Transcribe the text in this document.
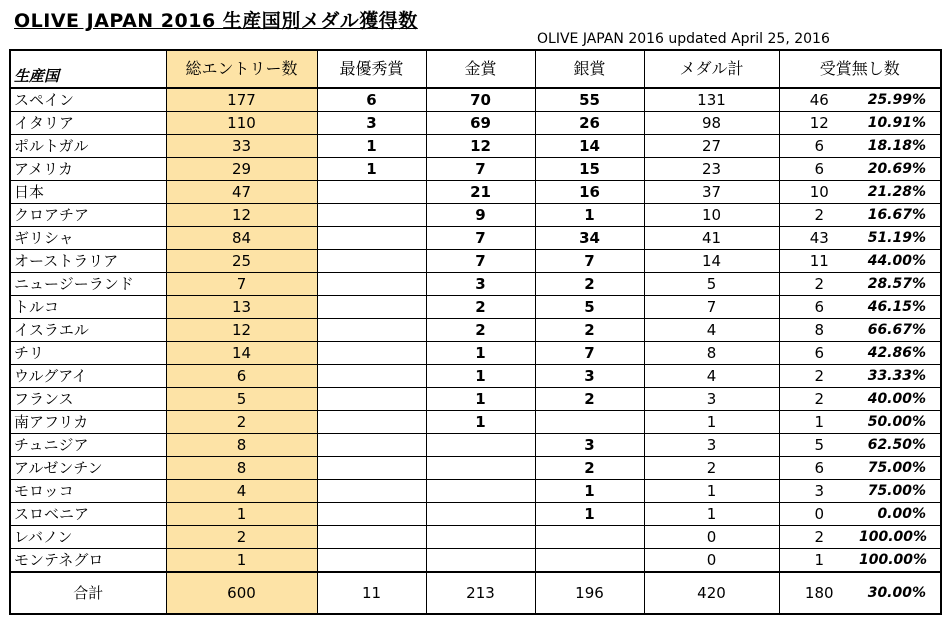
OLIVE JAPAN 2016 生産国別メダル獲得数
OLIVE JAPAN 2016 updated April 25, 2016
生産国	総エントリー数	最優秀賞	金賞	銀賞	メダル計	受賞無し数	
スペイン	177	6	70	55	131	46	25.99%
イタリア	110	3	69	26	98	12	10.91%
ポルトガル	33	1	12	14	27	6	18.18%
アメリカ	29	1	7	15	23	6	20.69%
日本	47		21	16	37	10	21.28%
クロアチア	12		9	1	10	2	16.67%
ギリシャ	84		7	34	41	43	51.19%
オーストラリア	25		7	7	14	11	44.00%
ニュージーランド	7		3	2	5	2	28.57%
トルコ	13		2	5	7	6	46.15%
イスラエル	12		2	2	4	8	66.67%
チリ	14		1	7	8	6	42.86%
ウルグアイ	6		1	3	4	2	33.33%
フランス	5		1	2	3	2	40.00%
南アフリカ	2		1		1	1	50.00%
チュニジア	8			3	3	5	62.50%
アルゼンチン	8			2	2	6	75.00%
モロッコ	4			1	1	3	75.00%
スロベニア	1			1	1	0	0.00%
レバノン	2				0	2	100.00%
モンテネグロ	1				0	1	100.00%
合計	600	11	213	196	420	180	30.00%
